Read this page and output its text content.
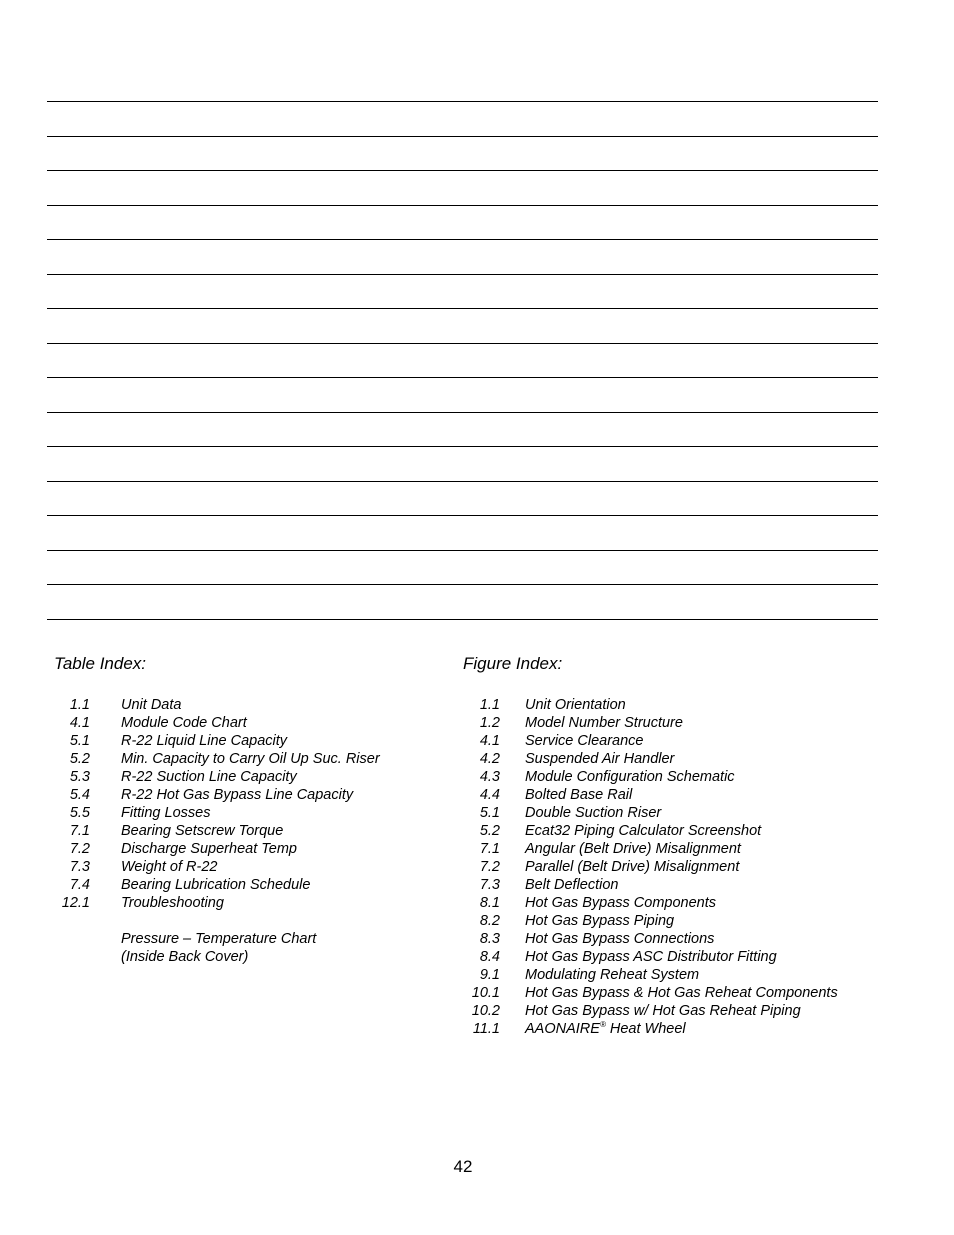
Table Index:
1.1 Unit Data
4.1 Module Code Chart
5.1 R-22 Liquid Line Capacity
5.2 Min. Capacity to Carry Oil Up Suc. Riser
5.3 R-22 Suction Line Capacity
5.4 R-22 Hot Gas Bypass Line Capacity
5.5 Fitting Losses
7.1 Bearing Setscrew Torque
7.2 Discharge Superheat Temp
7.3 Weight of R-22
7.4 Bearing Lubrication Schedule
12.1 Troubleshooting
Pressure – Temperature Chart
(Inside Back Cover)
Figure Index:
1.1 Unit Orientation
1.2 Model Number Structure
4.1 Service Clearance
4.2 Suspended Air Handler
4.3 Module Configuration Schematic
4.4 Bolted Base Rail
5.1 Double Suction Riser
5.2 Ecat32 Piping Calculator Screenshot
7.1 Angular (Belt Drive) Misalignment
7.2 Parallel (Belt Drive) Misalignment
7.3 Belt Deflection
8.1 Hot Gas Bypass Components
8.2 Hot Gas Bypass Piping
8.3 Hot Gas Bypass Connections
8.4 Hot Gas Bypass ASC Distributor Fitting
9.1 Modulating Reheat System
10.1 Hot Gas Bypass & Hot Gas Reheat Components
10.2 Hot Gas Bypass w/ Hot Gas Reheat Piping
11.1 AAONAIRE® Heat Wheel
42
